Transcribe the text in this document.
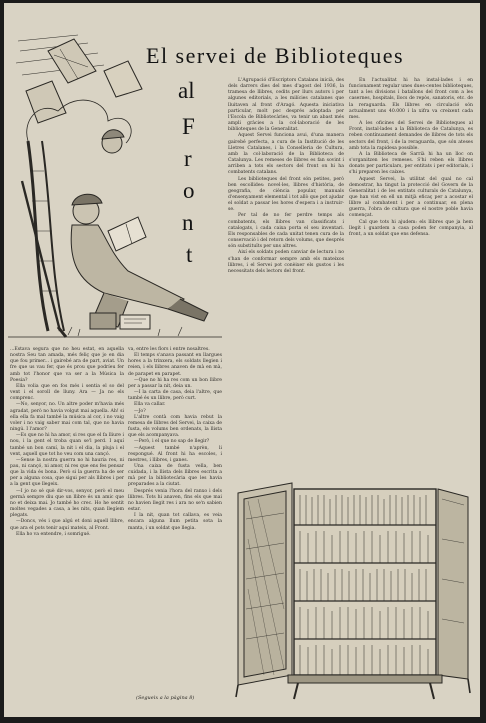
El servei de Biblioteques
al
F
r
o
n
t

...Estava segura que no heu estat, en aquella nostra Seu tan amada, més feliç que jo en dia que fou primer... i gairebé ara de part, aviat. Un fre que us vau fer, que és prou que podríeu fer amb tot l'honor que va ser a la Música la Poesia?

Ella volia que en fos més i sentia el so del vent i el soroll de lluny. Ara — Ja no els comprenc.

—No, senyor, no. Un altre poder m'havia més agradat, però no havia volgut mai aquella. Ah! si ella ella fa mal també la música al cor, i no vaig voler i no vaig saber mai com tal, que no havia ningú. I l'amor?

—Es que no hi ha amor, si res que el fa lliure i nou, i la gent el troba quan se'l perd. I aquí també un bon camí, la nit i el dia, la pluja i el vent, aquell que tot ho veu com una cançó.

—Sense la nostra guerra no hi hauria res, ni pau, ni cançó, ni amor, ni res que ens fes pensar que la vida és bona. Però si la guerra ha de ser per a alguna cosa, que sigui per als llibres i per a la gent que llegeix.

—I jo no sé què dir-vos, senyor, però el meu germà sempre diu que un llibre és un amic que no et deixa mai. Jo també ho crec. Ho he sentit moltes vegades a casa, a les nits, quan llegíem plegats.

—Doncs, vés i que algú et doni aquell llibre, que ara el pots tenir aquí mateix, al Front.

Ella ho va entendre, i somrigué.

va, entre les flors i entre nosaltres.

El temps s'anava passant en llargues hores a la trinxera, els soldats llegien i reien, i els llibres anaven de mà en mà, de parapet en parapet.

—Que no hi ha res com un bon llibre per a passar la nit, deia un.

—I la carta de casa, deia l'altre, que també és un llibre, però curt.

Ella va callar.

—Jo?

L'altre contà com havia rebut la remesa de llibres del Servei, la caixa de fusta, els volums ben ordenats, la llista que els acompanyava.

—Però, i el que no sap de llegir?

—Aquest també n'aprèn, li respongué. Al front hi ha escoles, i mestres, i llibres, i ganes.

Una caixa de fusta vella, ben cuidada, i la llista dels llibres escrita a mà per la bibliotecària que les havia preparades a la ciutat.

Després venia l'hora del ranxo i dels llibres. Tots hi anaven, fins els que mai no havien llegit res i ara no se'n sabien estar.

I la nit, quan tot callava, es veia encara alguna llum petita sota la manta, i un soldat que llegia.

L'Agrupació d'Escriptors Catalans inicià, des dels darrers dies del mes d'agost del 1936, la tramesa de llibres, cedits per llurs autors i per algunes editorials, a les milícies catalanes que lluitaven al front d'Aragó. Aquesta iniciativa particular, molt poc després adoptada per l'Escola de Bibliotecàries, va tenir un abast més ampli gràcies a la col·laboració de les biblioteques de la Generalitat.

Aquest Servei funciona avui, d'una manera gairebé perfecta, a cura de la Institució de les Lletres Catalanes, i la Conselleria de Cultura, amb la col·laboració de la Biblioteca de Catalunya. Les remeses de llibres es fan sovint i arriben a tots els sectors del front on hi ha combatents catalans.

Les biblioteques del front són petites, però ben escollides: novel·les, llibres d'història, de geografia, de ciència popular, manuals d'ensenyament elemental i tot allò que pot ajudar el soldat a passar les hores d'espera i a instruir-se.

Per tal de no fer perdre temps als combatents, els llibres van classificats i catalogats, i cada caixa porta el seu inventari. Els responsables de cada unitat tenen cura de la conservació i del retorn dels volums, que després són substituïts per uns altres.

Així els soldats poden canviar de lectura i no s'han de conformar sempre amb els mateixos llibres, i el Servei pot conèixer els gustos i les necessitats dels lectors del front.

En l'actualitat hi ha instal·lades i en funcionament regular unes dues-centes biblioteques, tant a les divisions i batallons del front com a les casernes, hospitals, llocs de repòs, sanatoris, etc. de la reraguarda. Els llibres en circulació són actualment uns 40.000 i la xifra va creixent cada mes.

A les oficines del Servei de Biblioteques al Front, instal·lades a la Biblioteca de Catalunya, es reben contínuament demandes de llibres de tots els sectors del front, i de la reraguarda, que són ateses amb tota la rapidesa possible.

A la Biblioteca de Sarrià hi ha un lloc on s'organitzen les remeses. S'hi reben els llibres donats per particulars, per entitats i per editorials, i s'hi preparen les caixes.

Aquest Servei, la utilitat del qual no cal demostrar, ha tingut la protecció del Govern de la Generalitat i de les entitats culturals de Catalunya, que han vist en ell un mitjà eficaç per a acostar el llibre al combatent i per a continuar, en plena guerra, l'obra de cultura que el nostre poble havia començat.

Cal que tots hi ajudem: els llibres que ja hem llegit i guardem a casa poden fer companyia, al front, a un soldat que ens defensa.

(Segueix a la pàgina 8)
